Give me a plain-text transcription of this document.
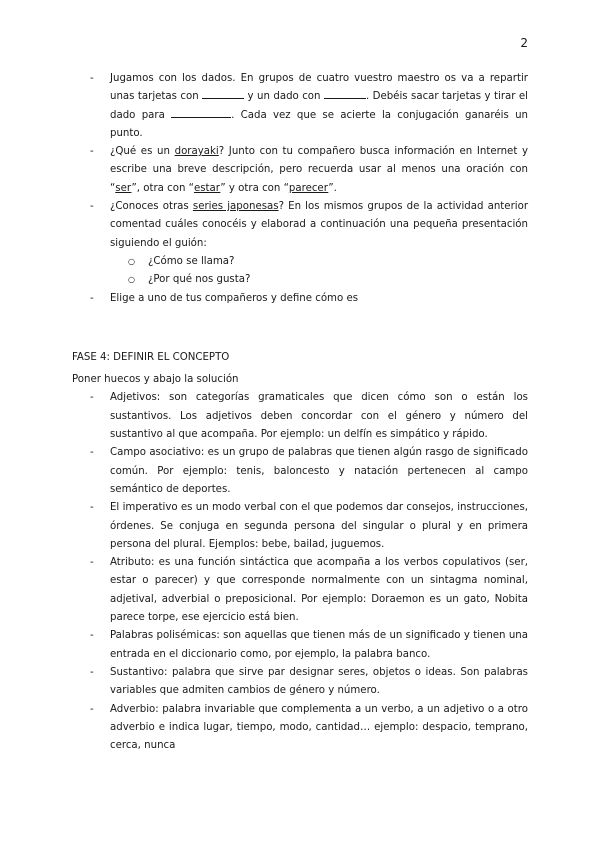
2
- Jugamos con los dados. En grupos de cuatro vuestro maestro os va a repartir unas tarjetas con	y un dado con	. Debéis sacar tarjetas y tirar el dado para	. Cada vez que se acierte la conjugación ganaréis un punto.
- ¿Qué es un dorayaki? Junto con tu compañero busca información en Internet y escribe una breve descripción, pero recuerda usar al menos una oración con “ser”, otra con “estar” y otra con “parecer”.
- ¿Conoces otras series japonesas? En los mismos grupos de la actividad anterior comentad cuáles conocéis y elaborad a continuación una pequeña presentación siguiendo el guión:
○ ¿Cómo se llama?
○ ¿Por qué nos gusta?
- Elige a uno de tus compañeros y define cómo es
FASE 4: DEFINIR EL CONCEPTO
Poner huecos y abajo la solución
- Adjetivos: son categorías gramaticales que dicen cómo son o están los sustantivos. Los adjetivos deben concordar con el género y número del sustantivo al que acompaña. Por ejemplo: un delfín es simpático y rápido.
- Campo asociativo: es un grupo de palabras que tienen algún rasgo de significado común. Por ejemplo: tenis, baloncesto y natación pertenecen al campo semántico de deportes.
- El imperativo es un modo verbal con el que podemos dar consejos, instrucciones, órdenes. Se conjuga en segunda persona del singular o plural y en primera persona del plural. Ejemplos: bebe, bailad, juguemos.
- Atributo: es una función sintáctica que acompaña a los verbos copulativos (ser, estar o parecer) y que corresponde normalmente con un sintagma nominal, adjetival, adverbial o preposicional. Por ejemplo: Doraemon es un gato, Nobita parece torpe, ese ejercicio está bien.
- Palabras polisémicas: son aquellas que tienen más de un significado y tienen una entrada en el diccionario como, por ejemplo, la palabra banco.
- Sustantivo: palabra que sirve par designar seres, objetos o ideas. Son palabras variables que admiten cambios de género y número.
- Adverbio: palabra invariable que complementa a un verbo, a un adjetivo o a otro adverbio e indica lugar, tiempo, modo, cantidad… ejemplo: despacio, temprano, cerca, nunca
